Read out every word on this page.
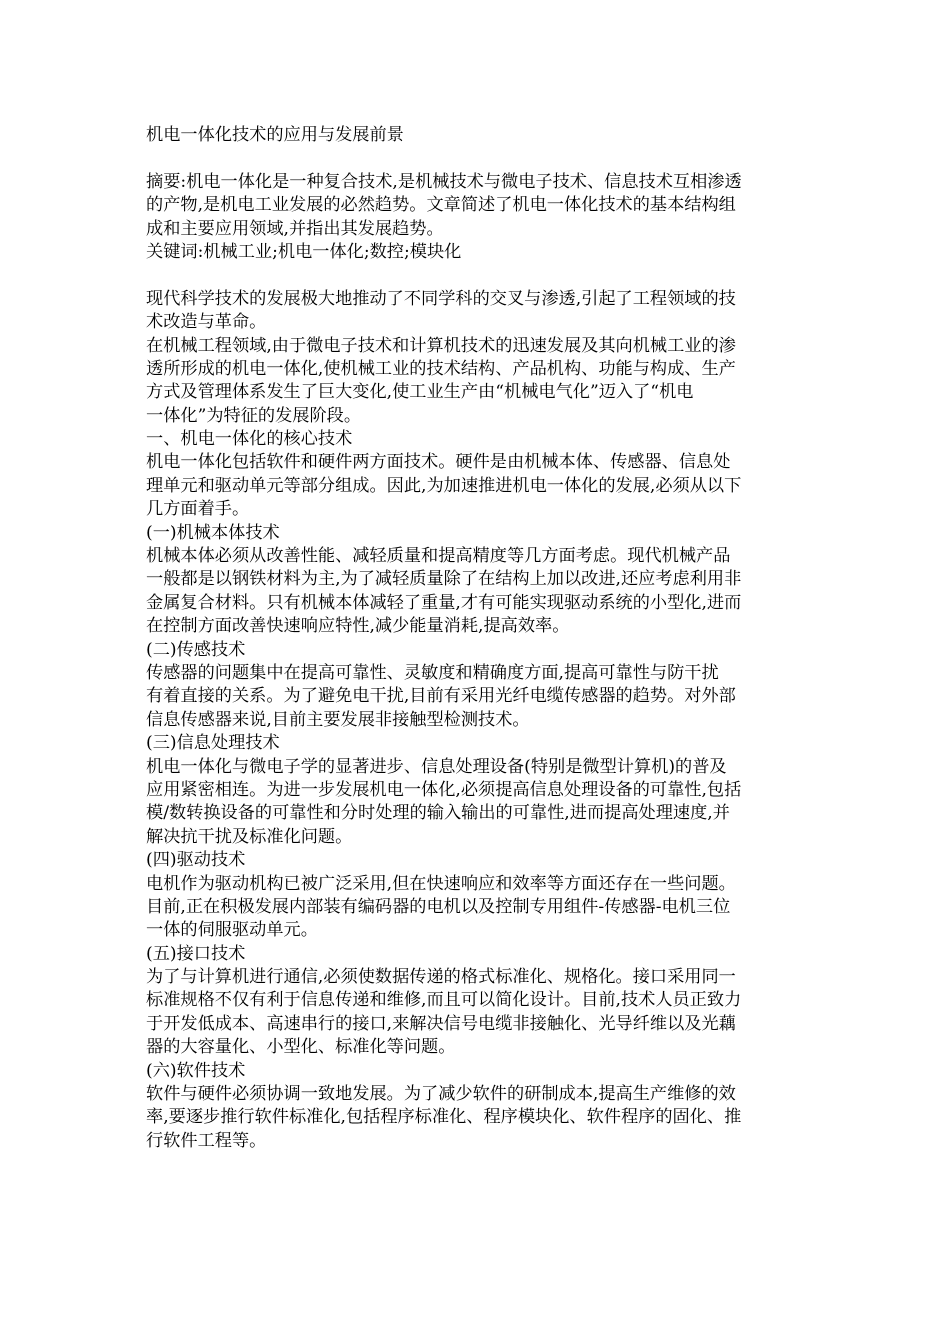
机电一体化技术的应用与发展前景
摘要:机电一体化是一种复合技术,是机械技术与微电子技术、信息技术互相渗透
的产物,是机电工业发展的必然趋势。文章简述了机电一体化技术的基本结构组
成和主要应用领域,并指出其发展趋势。
关键词:机械工业;机电一体化;数控;模块化
现代科学技术的发展极大地推动了不同学科的交叉与渗透,引起了工程领域的技
术改造与革命。
在机械工程领域,由于微电子技术和计算机技术的迅速发展及其向机械工业的渗
透所形成的机电一体化,使机械工业的技术结构、产品机构、功能与构成、生产
方式及管理体系发生了巨大变化,使工业生产由“机械电气化”迈入了“机电
一体化”为特征的发展阶段。
一、机电一体化的核心技术
机电一体化包括软件和硬件两方面技术。硬件是由机械本体、传感器、信息处
理单元和驱动单元等部分组成。因此,为加速推进机电一体化的发展,必须从以下
几方面着手。
(一)机械本体技术
机械本体必须从改善性能、减轻质量和提高精度等几方面考虑。现代机械产品
一般都是以钢铁材料为主,为了减轻质量除了在结构上加以改进,还应考虑利用非
金属复合材料。只有机械本体减轻了重量,才有可能实现驱动系统的小型化,进而
在控制方面改善快速响应特性,减少能量消耗,提高效率。
(二)传感技术
传感器的问题集中在提高可靠性、灵敏度和精确度方面,提高可靠性与防干扰
有着直接的关系。为了避免电干扰,目前有采用光纤电缆传感器的趋势。对外部
信息传感器来说,目前主要发展非接触型检测技术。
(三)信息处理技术
机电一体化与微电子学的显著进步、信息处理设备(特别是微型计算机)的普及
应用紧密相连。为进一步发展机电一体化,必须提高信息处理设备的可靠性,包括
模/数转换设备的可靠性和分时处理的输入输出的可靠性,进而提高处理速度,并
解决抗干扰及标准化问题。
(四)驱动技术
电机作为驱动机构已被广泛采用,但在快速响应和效率等方面还存在一些问题。
目前,正在积极发展内部装有编码器的电机以及控制专用组件-传感器-电机三位
一体的伺服驱动单元。
(五)接口技术
为了与计算机进行通信,必须使数据传递的格式标准化、规格化。接口采用同一
标准规格不仅有利于信息传递和维修,而且可以简化设计。目前,技术人员正致力
于开发低成本、高速串行的接口,来解决信号电缆非接触化、光导纤维以及光藕
器的大容量化、小型化、标准化等问题。
(六)软件技术
软件与硬件必须协调一致地发展。为了减少软件的研制成本,提高生产维修的效
率,要逐步推行软件标准化,包括程序标准化、程序模块化、软件程序的固化、推
行软件工程等。
